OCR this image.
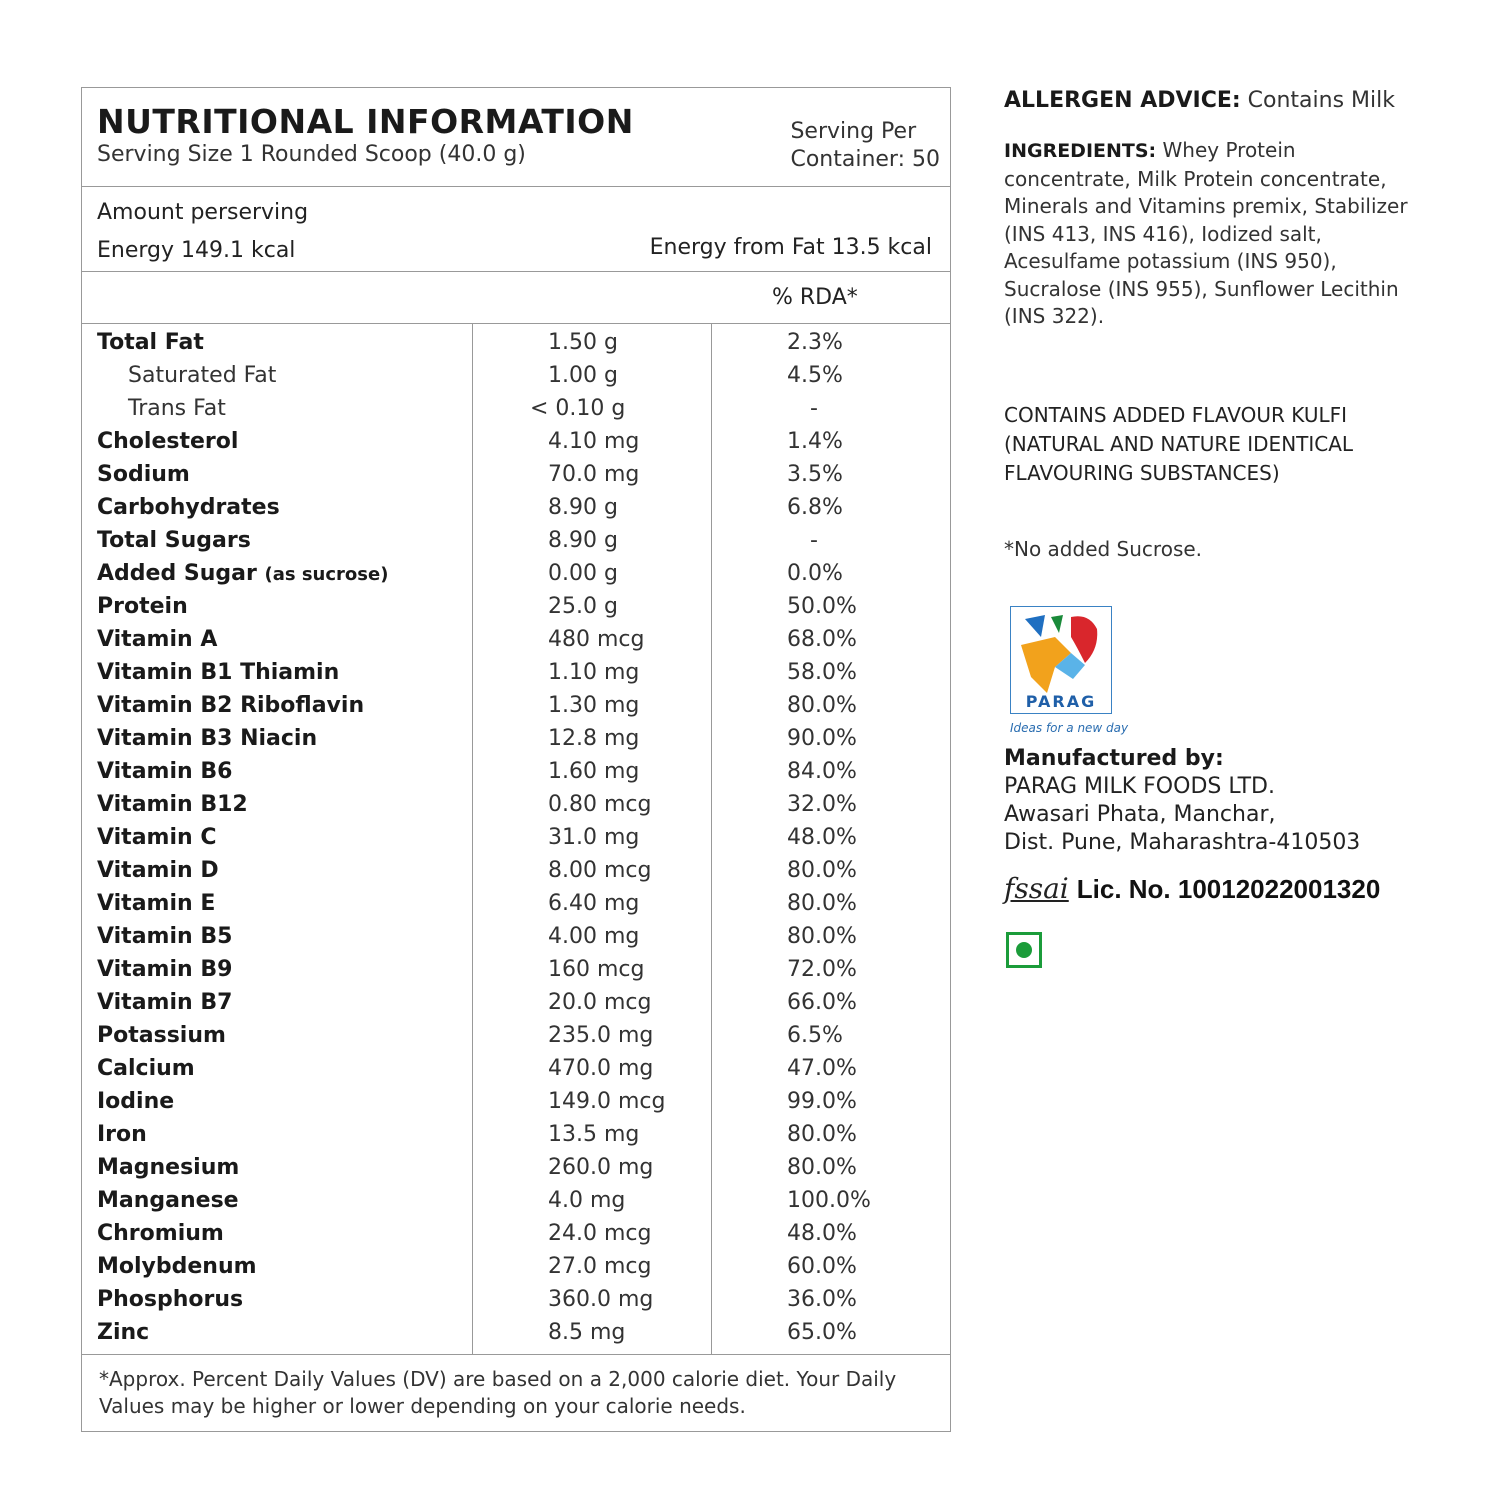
NUTRITIONAL INFORMATION
Serving Size 1 Rounded Scoop (40.0 g)
Serving Per
Container: 50
Amount perserving
Energy 149.1 kcal	Energy from Fat 13.5 kcal
% RDA*
Total Fat	1.50 g	2.3%
Saturated Fat	1.00 g	4.5%
Trans Fat	< 0.10 g	-
Cholesterol	4.10 mg	1.4%
Sodium	70.0 mg	3.5%
Carbohydrates	8.90 g	6.8%
Total Sugars	8.90 g	-
Added Sugar (as sucrose)	0.00 g	0.0%
Protein	25.0 g	50.0%
Vitamin A	480 mcg	68.0%
Vitamin B1 Thiamin	1.10 mg	58.0%
Vitamin B2 Riboflavin	1.30 mg	80.0%
Vitamin B3 Niacin	12.8 mg	90.0%
Vitamin B6	1.60 mg	84.0%
Vitamin B12	0.80 mcg	32.0%
Vitamin C	31.0 mg	48.0%
Vitamin D	8.00 mcg	80.0%
Vitamin E	6.40 mg	80.0%
Vitamin B5	4.00 mg	80.0%
Vitamin B9	160 mcg	72.0%
Vitamin B7	20.0 mcg	66.0%
Potassium	235.0 mg	6.5%
Calcium	470.0 mg	47.0%
Iodine	149.0 mcg	99.0%
Iron	13.5 mg	80.0%
Magnesium	260.0 mg	80.0%
Manganese	4.0 mg	100.0%
Chromium	24.0 mcg	48.0%
Molybdenum	27.0 mcg	60.0%
Phosphorus	360.0 mg	36.0%
Zinc	8.5 mg	65.0%
*Approx. Percent Daily Values (DV) are based on a 2,000 calorie diet. Your Daily Values may be higher or lower depending on your calorie needs.
ALLERGEN ADVICE: Contains Milk
INGREDIENTS: Whey Protein concentrate, Milk Protein concentrate, Minerals and Vitamins premix, Stabilizer (INS 413, INS 416), Iodized salt, Acesulfame potassium (INS 950), Sucralose (INS 955), Sunflower Lecithin (INS 322).
CONTAINS ADDED FLAVOUR KULFI (NATURAL AND NATURE IDENTICAL FLAVOURING SUBSTANCES)
*No added Sucrose.
PARAG
Ideas for a new day
Manufactured by:
PARAG MILK FOODS LTD.
Awasari Phata, Manchar,
Dist. Pune, Maharashtra-410503
fssai Lic. No. 10012022001320
